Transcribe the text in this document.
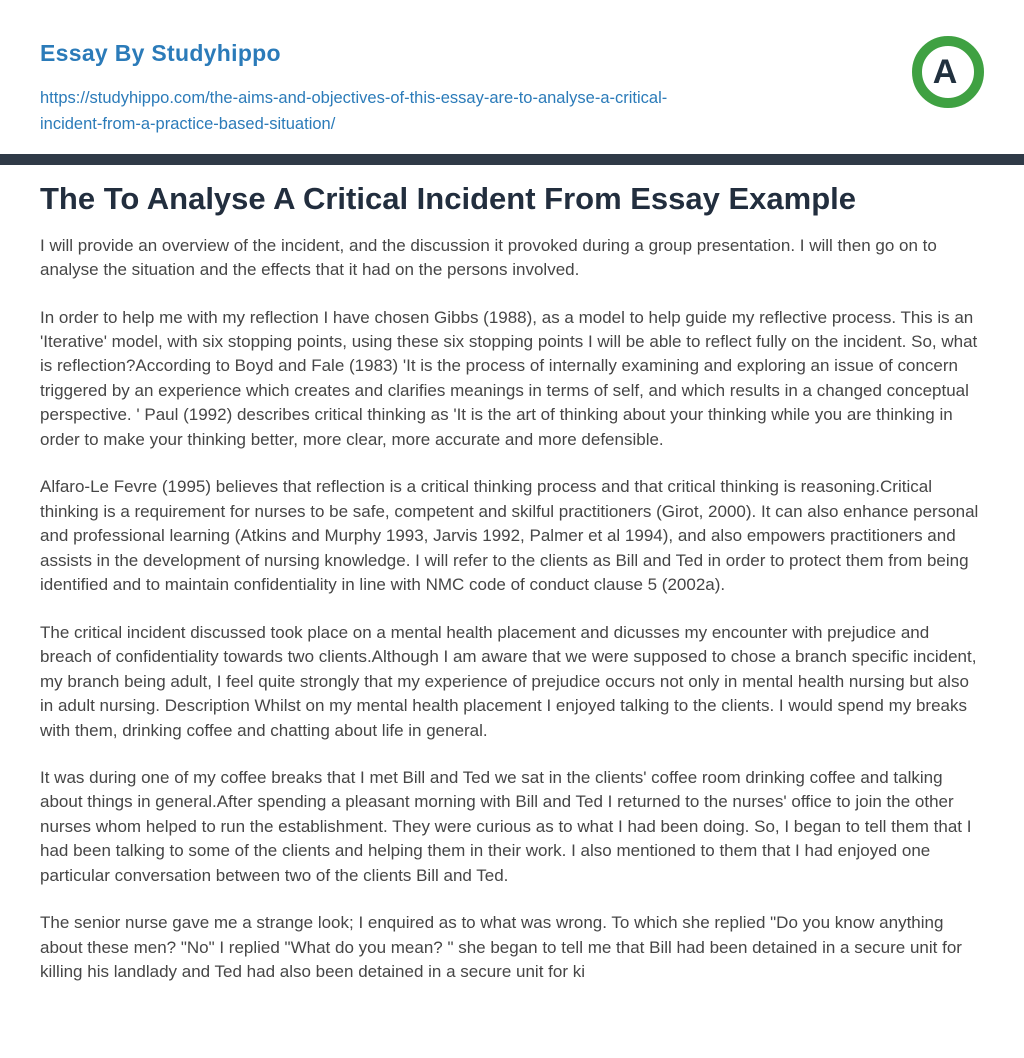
Essay By Studyhippo
https://studyhippo.com/the-aims-and-objectives-of-this-essay-are-to-analyse-a-critical-
incident-from-a-practice-based-situation/
A
The To Analyse A Critical Incident From Essay Example

I will provide an overview of the incident, and the discussion it provoked during a group presentation. I will then go on to analyse the situation and the effects that it had on the persons involved.

In order to help me with my reflection I have chosen Gibbs (1988), as a model to help guide my reflective process. This is an 'Iterative' model, with six stopping points, using these six stopping points I will be able to reflect fully on the incident. So, what is reflection?According to Boyd and Fale (1983) 'It is the process of internally examining and exploring an issue of concern triggered by an experience which creates and clarifies meanings in terms of self, and which results in a changed conceptual perspective. ' Paul (1992) describes critical thinking as 'It is the art of thinking about your thinking while you are thinking in order to make your thinking better, more clear, more accurate and more defensible.

Alfaro-Le Fevre (1995) believes that reflection is a critical thinking process and that critical thinking is reasoning.Critical thinking is a requirement for nurses to be safe, competent and skilful practitioners (Girot, 2000). It can also enhance personal and professional learning (Atkins and Murphy 1993, Jarvis 1992, Palmer et al 1994), and also empowers practitioners and assists in the development of nursing knowledge. I will refer to the clients as Bill and Ted in order to protect them from being identified and to maintain confidentiality in line with NMC code of conduct clause 5 (2002a).

The critical incident discussed took place on a mental health placement and dicusses my encounter with prejudice and breach of confidentiality towards two clients.Although I am aware that we were supposed to chose a branch specific incident, my branch being adult, I feel quite strongly that my experience of prejudice occurs not only in mental health nursing but also in adult nursing. Description Whilst on my mental health placement I enjoyed talking to the clients. I would spend my breaks with them, drinking coffee and chatting about life in general.

It was during one of my coffee breaks that I met Bill and Ted we sat in the clients' coffee room drinking coffee and talking about things in general.After spending a pleasant morning with Bill and Ted I returned to the nurses' office to join the other nurses whom helped to run the establishment. They were curious as to what I had been doing. So, I began to tell them that I had been talking to some of the clients and helping them in their work. I also mentioned to them that I had enjoyed one particular conversation between two of the clients Bill and Ted.

The senior nurse gave me a strange look; I enquired as to what was wrong. To which she replied "Do you know anything about these men? "No" I replied "What do you mean? " she began to tell me that Bill had been detained in a secure unit for killing his landlady and Ted had also been detained in a secure unit for ki
